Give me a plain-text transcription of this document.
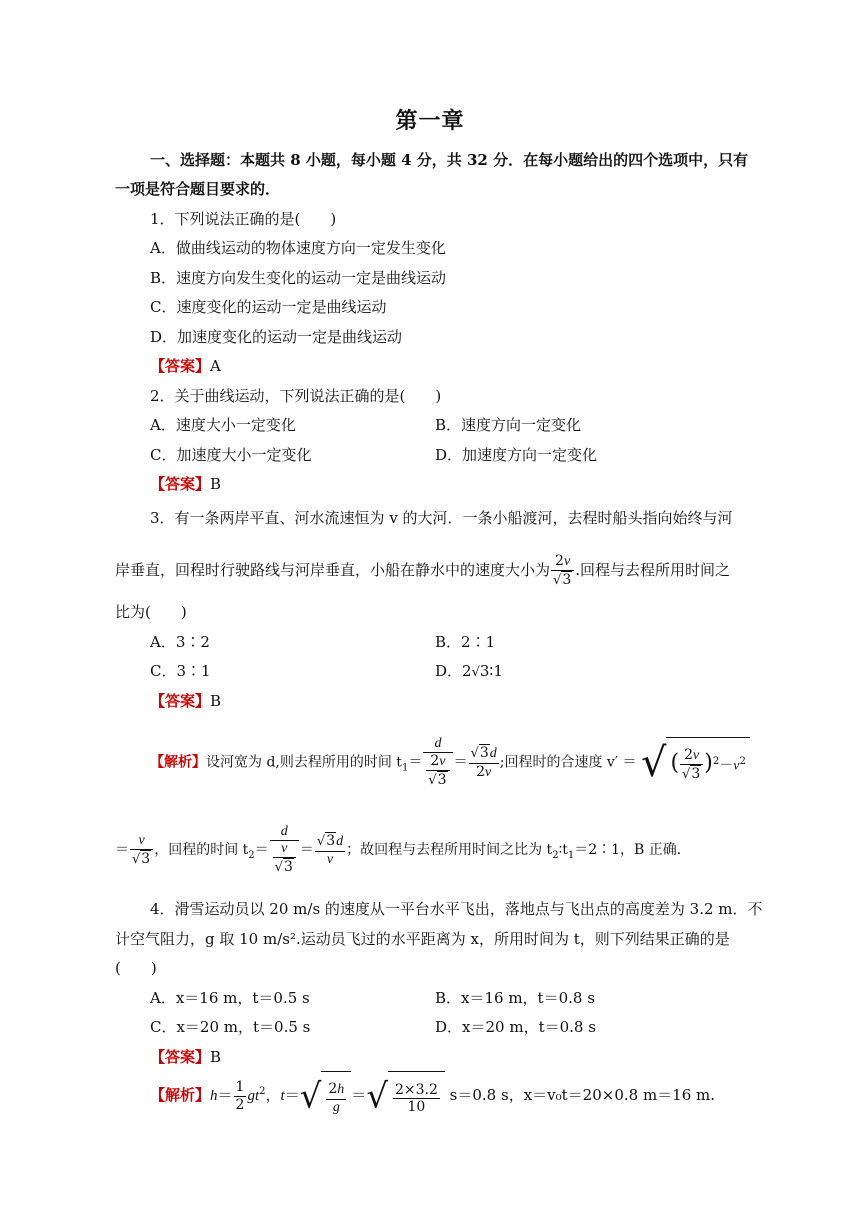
第一章
一、选择题：本题共 8 小题，每小题 4 分，共 32 分．在每小题给出的四个选项中，只有
一项是符合题目要求的．
1．下列说法正确的是(　　)
A．做曲线运动的物体速度方向一定发生变化
B．速度方向发生变化的运动一定是曲线运动
C．速度变化的运动一定是曲线运动
D．加速度变化的运动一定是曲线运动
【答案】A
2．关于曲线运动，下列说法正确的是(　　)
A．速度大小一定变化	B．速度方向一定变化
C．加速度大小一定变化	D．加速度方向一定变化
【答案】B
3．有一条两岸平直、河水流速恒为 v 的大河．一条小船渡河，去程时船头指向始终与河
岸垂直，回程时行驶路线与河岸垂直，小船在静水中的速度大小为 $\frac{2v}{√3}$ .回程与去程所用时间之
比为(　　)
A．3∶2	B．2∶1
C．3∶1	D．2√3∶1
【答案】B
【解析】设河宽为 d,则去程所用的时间 $t_1= \frac{d}{\frac{2v}{√3}} = \frac{√3d}{2v}$ ;回程时的合速度 v′ ＝ √ ( $\frac{2v}{√3} )^2-v^2$
＝ $\frac{v}{√3}$ ，回程的时间 $t_2= \frac{d}{\frac{v}{√3}} = \frac{√3d}{v}$ ；故回程与去程所用时间之比为 $t_2∶t_1=2∶1$，B 正确．
4．滑雪运动员以 20 m/s 的速度从一平台水平飞出，落地点与飞出点的高度差为 3.2 m．不
计空气阻力，g 取 10 m/s².运动员飞过的水平距离为 x，所用时间为 t，则下列结果正确的是
(　　)
A．x＝16 m，t＝0.5 s	B．x＝16 m，t＝0.8 s
C．x＝20 m，t＝0.5 s	D．x＝20 m，t＝0.8 s
【答案】B
【解析】$h= \frac{1}{2} gt^2$，$t=√ \frac{2h}{g}$ ＝√ $\frac{2\times 3.2}{10} s=0.8$ s，x＝v₀t＝20×0.8 m＝16 m.
